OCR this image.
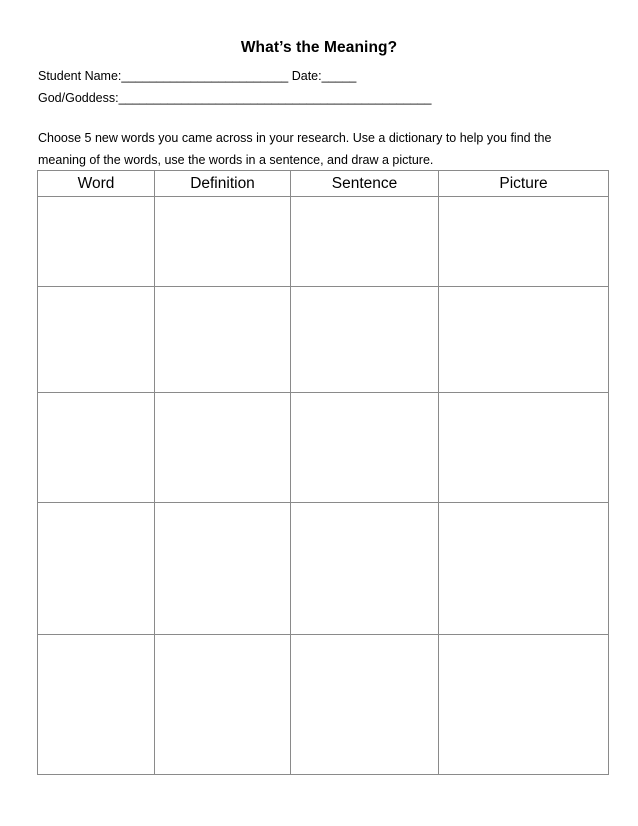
What’s the Meaning?
Student Name:________________________ Date:_____
God/Goddess:_____________________________________________
Choose 5 new words you came across in your research. Use a dictionary to help you find the
meaning of the words, use the words in a sentence, and draw a picture.
Word	Definition	Sentence	Picture
